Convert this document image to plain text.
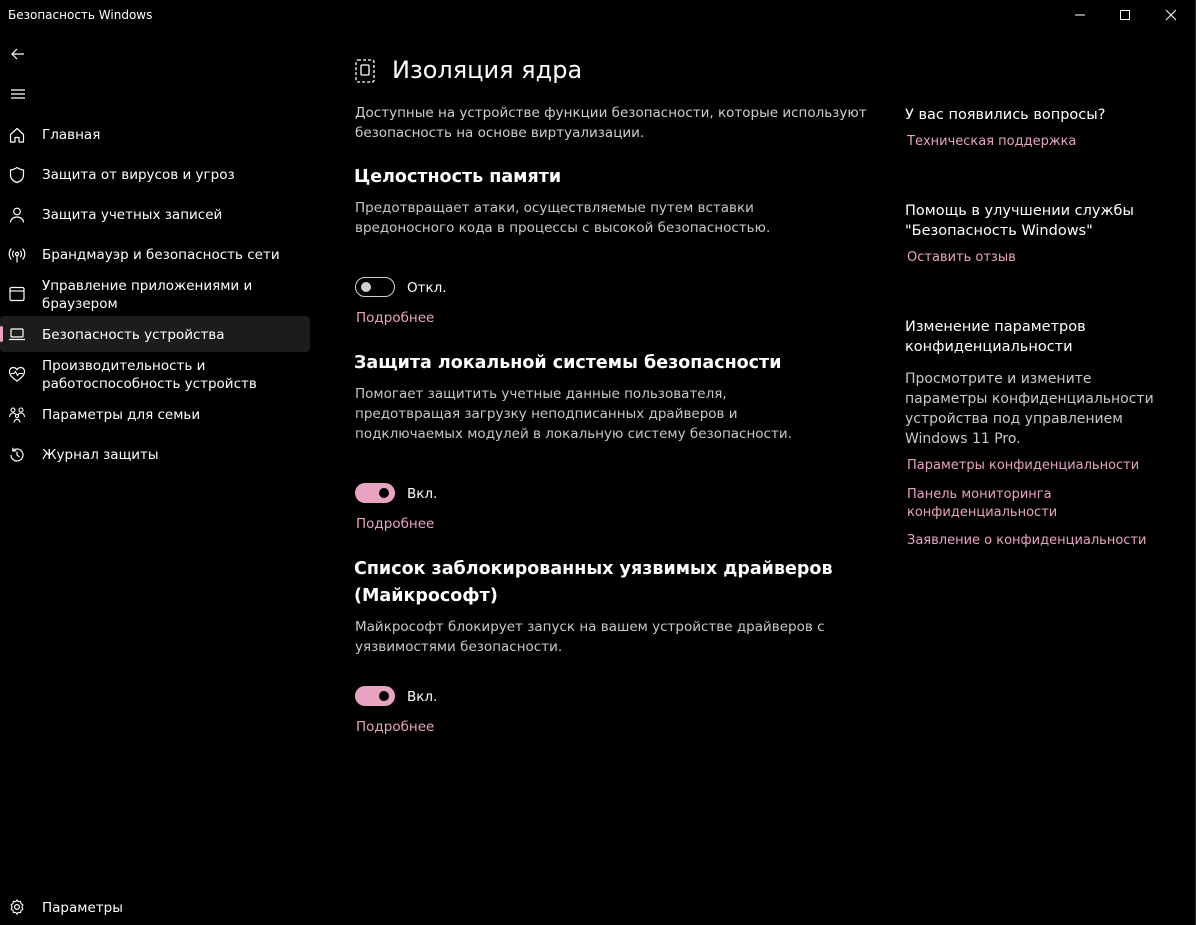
Безопасность Windows
Главная
Защита от вирусов и угроз
Защита учетных записей
Брандмауэр и безопасность сети
Управление приложениями и браузером
Безопасность устройства
Производительность и работоспособность устройств
Параметры для семьи
Журнал защиты
Параметры
Изоляция ядра

Доступные на устройстве функции безопасности, которые используют безопасность на основе виртуализации.

Целостность памяти

Предотвращает атаки, осуществляемые путем вставки вредоносного кода в процессы с высокой безопасностью.

Откл.
Подробнее
Защита локальной системы безопасности

Помогает защитить учетные данные пользователя, предотвращая загрузку неподписанных драйверов и подключаемых модулей в локальную систему безопасности.

Вкл.
Подробнее
Список заблокированных уязвимых драйверов (Майкрософт)

Майкрософт блокирует запуск на вашем устройстве драйверов с уязвимостями безопасности.

Вкл.
Подробнее
У вас появились вопросы?
Техническая поддержка
Помощь в улучшении службы "Безопасность Windows"
Оставить отзыв
Изменение параметров конфиденциальности

Просмотрите и измените параметры конфиденциальности устройства под управлением Windows 11 Pro.

Параметры конфиденциальности
Панель мониторинга конфиденциальности
Заявление о конфиденциальности
